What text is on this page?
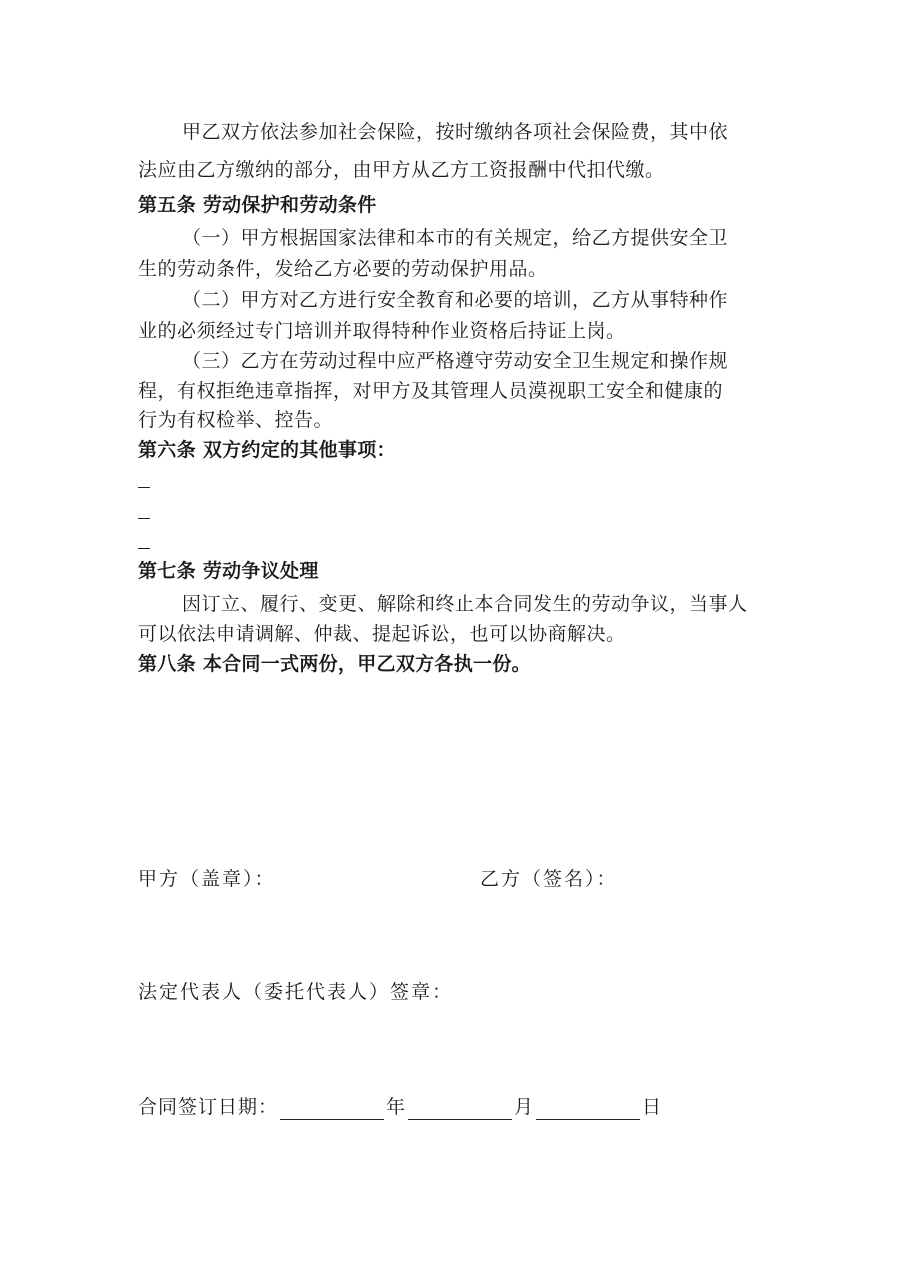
甲乙双方依法参加社会保险，按时缴纳各项社会保险费，其中依
法应由乙方缴纳的部分，由甲方从乙方工资报酬中代扣代缴。
第五条 劳动保护和劳动条件
（一）甲方根据国家法律和本市的有关规定，给乙方提供安全卫
生的劳动条件，发给乙方必要的劳动保护用品。
（二）甲方对乙方进行安全教育和必要的培训，乙方从事特种作
业的必须经过专门培训并取得特种作业资格后持证上岗。
（三）乙方在劳动过程中应严格遵守劳动安全卫生规定和操作规
程，有权拒绝违章指挥，对甲方及其管理人员漠视职工安全和健康的
行为有权检举、控告。
第六条 双方约定的其他事项：
第七条 劳动争议处理
因订立、履行、变更、解除和终止本合同发生的劳动争议，当事人
可以依法申请调解、仲裁、提起诉讼，也可以协商解决。
第八条 本合同一式两份，甲乙双方各执一份。
甲方（盖章）：	乙方（签名）：
法定代表人（委托代表人）签章：
合同签订日期：	年	月	日
